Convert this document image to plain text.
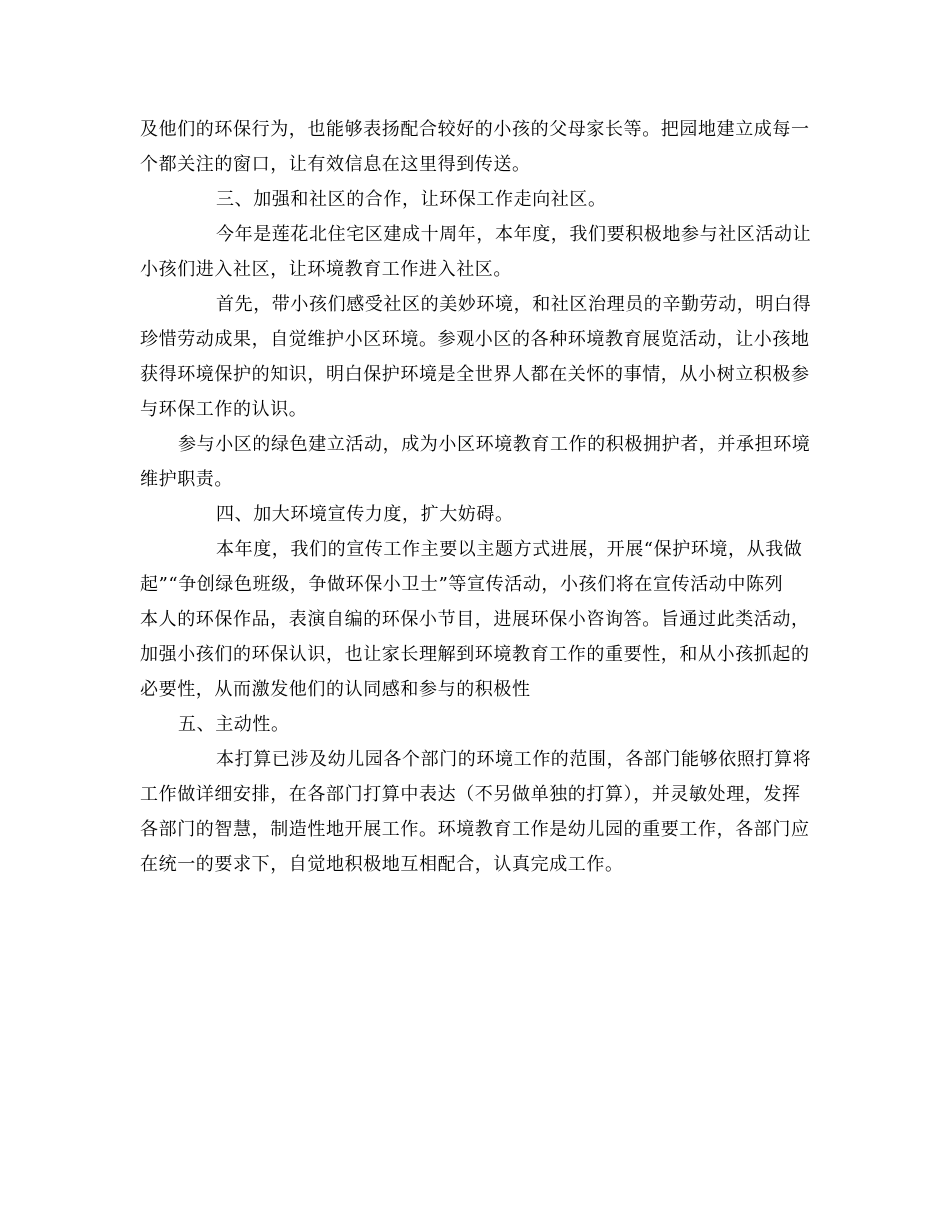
及他们的环保行为，也能够表扬配合较好的小孩的父母家长等。把园地建立成每一
个都关注的窗口，让有效信息在这里得到传送。
三、加强和社区的合作，让环保工作走向社区。
今年是莲花北住宅区建成十周年，本年度，我们要积极地参与社区活动让
小孩们进入社区，让环境教育工作进入社区。
首先，带小孩们感受社区的美妙环境，和社区治理员的辛勤劳动，明白得
珍惜劳动成果，自觉维护小区环境。参观小区的各种环境教育展览活动，让小孩地
获得环境保护的知识，明白保护环境是全世界人都在关怀的事情，从小树立积极参
与环保工作的认识。
参与小区的绿色建立活动，成为小区环境教育工作的积极拥护者，并承担环境
维护职责。
四、加大环境宣传力度，扩大妨碍。
本年度，我们的宣传工作主要以主题方式进展，开展“保护环境，从我做
起”“争创绿色班级，争做环保小卫士”等宣传活动，小孩们将在宣传活动中陈列
本人的环保作品，表演自编的环保小节目，进展环保小咨询答。旨通过此类活动，
加强小孩们的环保认识，也让家长理解到环境教育工作的重要性，和从小孩抓起的
必要性，从而激发他们的认同感和参与的积极性
五、主动性。
本打算已涉及幼儿园各个部门的环境工作的范围，各部门能够依照打算将
工作做详细安排，在各部门打算中表达（不另做单独的打算），并灵敏处理，发挥
各部门的智慧，制造性地开展工作。环境教育工作是幼儿园的重要工作，各部门应
在统一的要求下，自觉地积极地互相配合，认真完成工作。
